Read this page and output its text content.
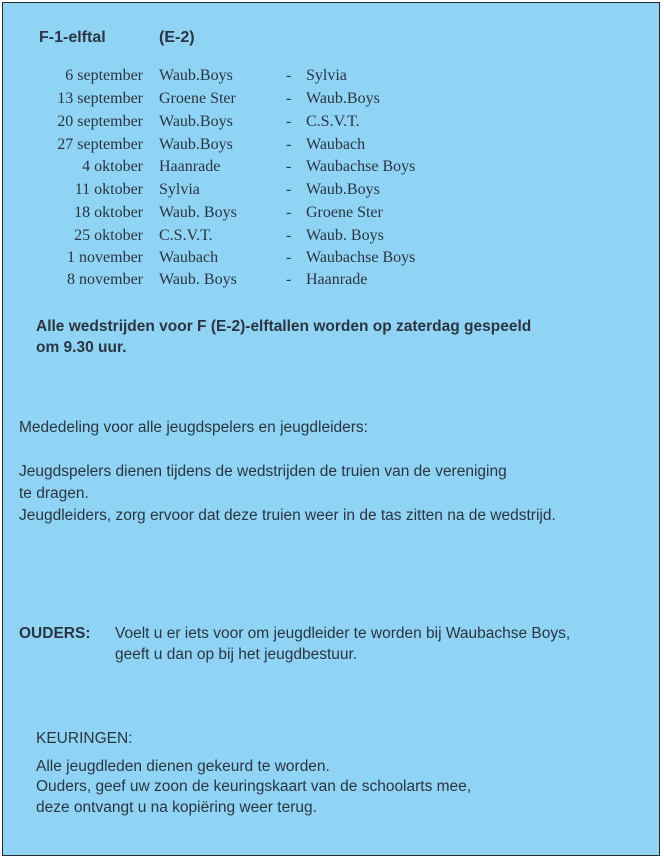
F-1-elftal	(E-2)
6 september Waub.Boys	- Sylvia
13 september Groene Ster	- Waub.Boys
20 september Waub.Boys	- C.S.V.T.
27 september Waub.Boys	- Waubach
4 oktober Haanrade	- Waubachse Boys
11 oktober Sylvia	- Waub.Boys
18 oktober Waub. Boys	- Groene Ster
25 oktober C.S.V.T.	- Waub. Boys
1 november Waubach	- Waubachse Boys
8 november Waub. Boys	- Haanrade
Alle wedstrijden voor F (E-2)-elftallen worden op zaterdag gespeeld
om 9.30 uur.
Mededeling voor alle jeugdspelers en jeugdleiders:
Jeugdspelers dienen tijdens de wedstrijden de truien van de vereniging
te dragen.
Jeugdleiders, zorg ervoor dat deze truien weer in de tas zitten na de wedstrijd.
OUDERS: Voelt u er iets voor om jeugdleider te worden bij Waubachse Boys,
geeft u dan op bij het jeugdbestuur.
KEURINGEN:
Alle jeugdleden dienen gekeurd te worden.
Ouders, geef uw zoon de keuringskaart van de schoolarts mee,
deze ontvangt u na kopiëring weer terug.
